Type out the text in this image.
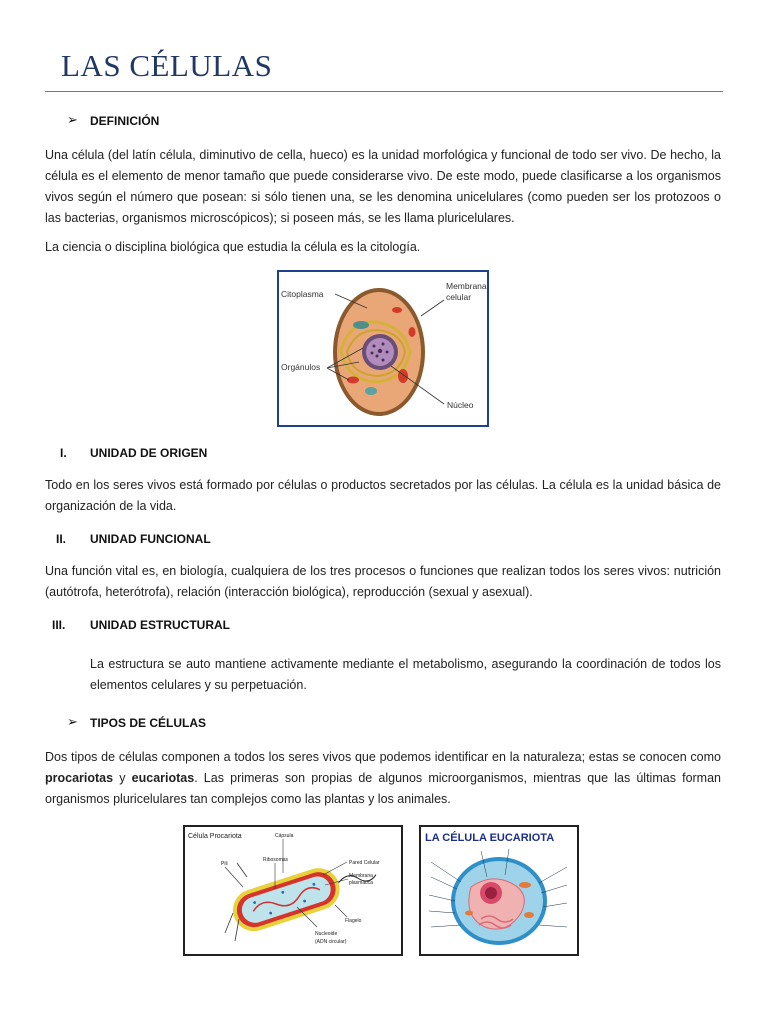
LAS CÉLULAS
➢ DEFINICIÓN
Una célula (del latín célula, diminutivo de cella, hueco) es la unidad morfológica y funcional de todo ser vivo. De hecho, la célula es el elemento de menor tamaño que puede considerarse vivo. De este modo, puede clasificarse a los organismos vivos según el número que posean: si sólo tienen una, se les denomina unicelulares (como pueden ser los protozoos o las bacterias, organismos microscópicos); si poseen más, se les llama pluricelulares.
La ciencia o disciplina biológica que estudia la célula es la citología.
Citoplasma
Membrana
celular
Orgánulos
Núcleo
I. UNIDAD DE ORIGEN
Todo en los seres vivos está formado por células o productos secretados por las células. La célula es la unidad básica de organización de la vida.
II. UNIDAD FUNCIONAL
Una función vital es, en biología, cualquiera de los tres procesos o funciones que realizan todos los seres vivos: nutrición (autótrofa, heterótrofa), relación (interacción biológica), reproducción (sexual y asexual).
III. UNIDAD ESTRUCTURAL
La estructura se auto mantiene activamente mediante el metabolismo, asegurando la coordinación de todos los elementos celulares y su perpetuación.
➢ TIPOS DE CÉLULAS
Dos tipos de células componen a todos los seres vivos que podemos identificar en la naturaleza; estas se conocen como procariotas y eucariotas. Las primeras son propias de algunos microorganismos, mientras que las últimas forman organismos pluricelulares tan complejos como las plantas y los animales.
Célula Procariota
Pili
Cápsula
Ribosomas	Pared Celular
Membrana
plasmática
Flagelo
Nucleoide
(ADN circular)
LA CÉLULA EUCARIOTA
